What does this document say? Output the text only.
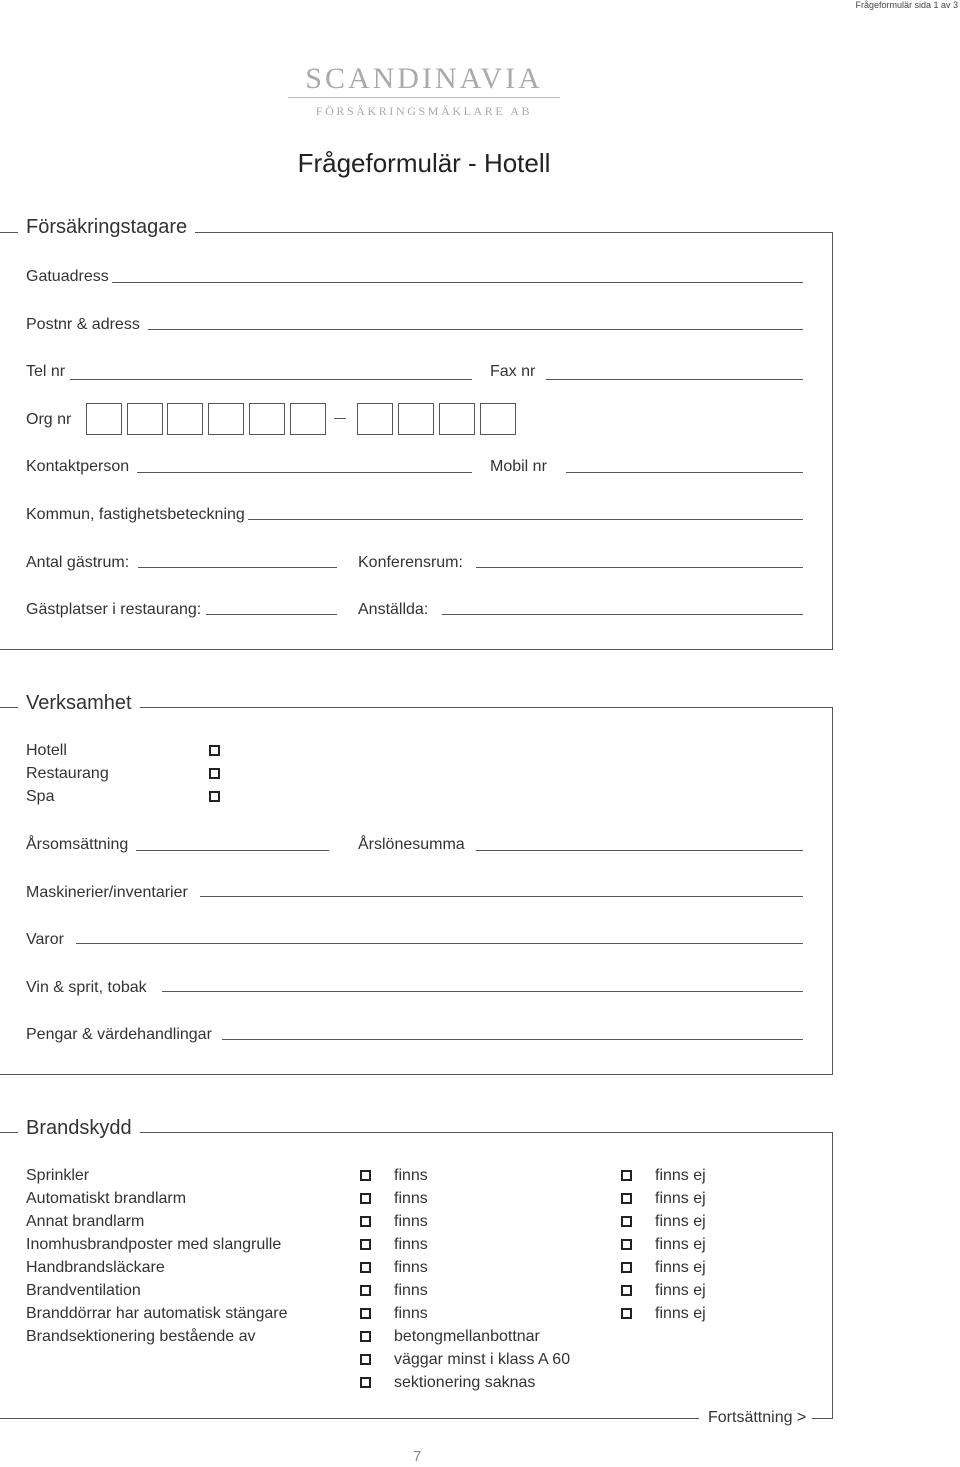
Frågeformulär sida 1 av 3
SCANDINAVIA
FÖRSÄKRINGSMÄKLARE AB
Frågeformulär - Hotell
Försäkringstagare
Gatuadress
Postnr & adress
Tel nr	Fax nr
Org nr
Kontaktperson	Mobil nr
Kommun, fastighetsbeteckning
Antal gästrum:	Konferensrum:
Gästplatser i restaurang:	Anställda:
Verksamhet
Hotell
Restaurang
Spa
Årsomsättning	Årslönesumma
Maskinerier/inventarier
Varor
Vin & sprit, tobak
Pengar & värdehandlingar
Brandskydd
Sprinkler	finns	finns ej
Automatiskt brandlarm	finns	finns ej
Annat brandlarm	finns	finns ej
Inomhusbrandposter med slangrulle	finns	finns ej
Handbrandsläckare	finns	finns ej
Brandventilation	finns	finns ej
Branddörrar har automatisk stängare	finns	finns ej
Brandsektionering bestående av	betongmellanbottnar
väggar minst i klass A 60
sektionering saknas
Fortsättning >
7
